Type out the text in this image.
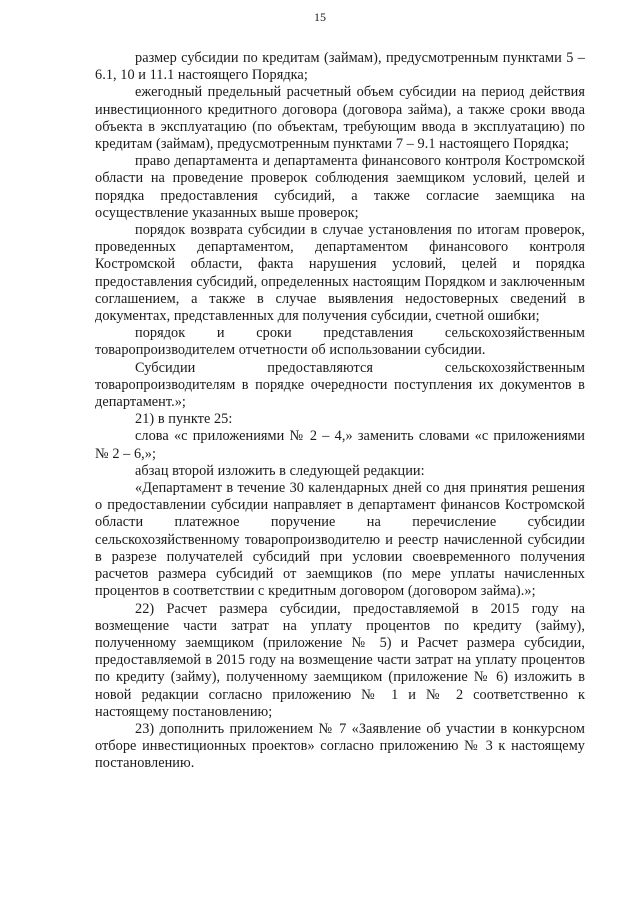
15

размер субсидии по кредитам (займам), предусмотренным пунктами 5 – 6.1, 10 и 11.1 настоящего Порядка;

ежегодный предельный расчетный объем субсидии на период действия инвестиционного кредитного договора (договора займа), а также сроки ввода объекта в эксплуатацию (по объектам, требующим ввода в эксплуатацию) по кредитам (займам), предусмотренным пунктами 7 – 9.1 настоящего Порядка;

право департамента и департамента финансового контроля Костромской области на проведение проверок соблюдения заемщиком условий, целей и порядка предоставления субсидий, а также согласие заемщика на осуществление указанных выше проверок;

порядок возврата субсидии в случае установления по итогам проверок, проведенных департаментом, департаментом финансового контроля Костромской области, факта нарушения условий, целей и порядка предоставления субсидий, определенных настоящим Порядком и заключенным соглашением, а также в случае выявления недостоверных сведений в документах, представленных для получения субсидии, счетной ошибки;

порядок и сроки представления сельскохозяйственным товаропроизводителем отчетности об использовании субсидии.

Субсидии предоставляются сельскохозяйственным товаропроизводителям в порядке очередности поступления их документов в департамент.»;

21) в пункте 25:

слова «с приложениями № 2 – 4,» заменить словами «с приложениями № 2 – 6,»;

абзац второй изложить в следующей редакции:

«Департамент в течение 30 календарных дней со дня принятия решения о предоставлении субсидии направляет в департамент финансов Костромской области платежное поручение на перечисление субсидии сельскохозяйственному товаропроизводителю и реестр начисленной субсидии в разрезе получателей субсидий при условии своевременного получения расчетов размера субсидий от заемщиков (по мере уплаты начисленных процентов в соответствии с кредитным договором (договором займа).»;

22) Расчет размера субсидии, предоставляемой в 2015 году на возмещение части затрат на уплату процентов по кредиту (займу), полученному заемщиком (приложение № 5) и Расчет размера субсидии, предоставляемой в 2015 году на возмещение части затрат на уплату процентов по кредиту (займу), полученному заемщиком (приложение № 6) изложить в новой редакции согласно приложению № 1 и № 2 соответственно к настоящему постановлению;

23) дополнить приложением № 7 «Заявление об участии в конкурсном отборе инвестиционных проектов» согласно приложению № 3 к настоящему постановлению.
